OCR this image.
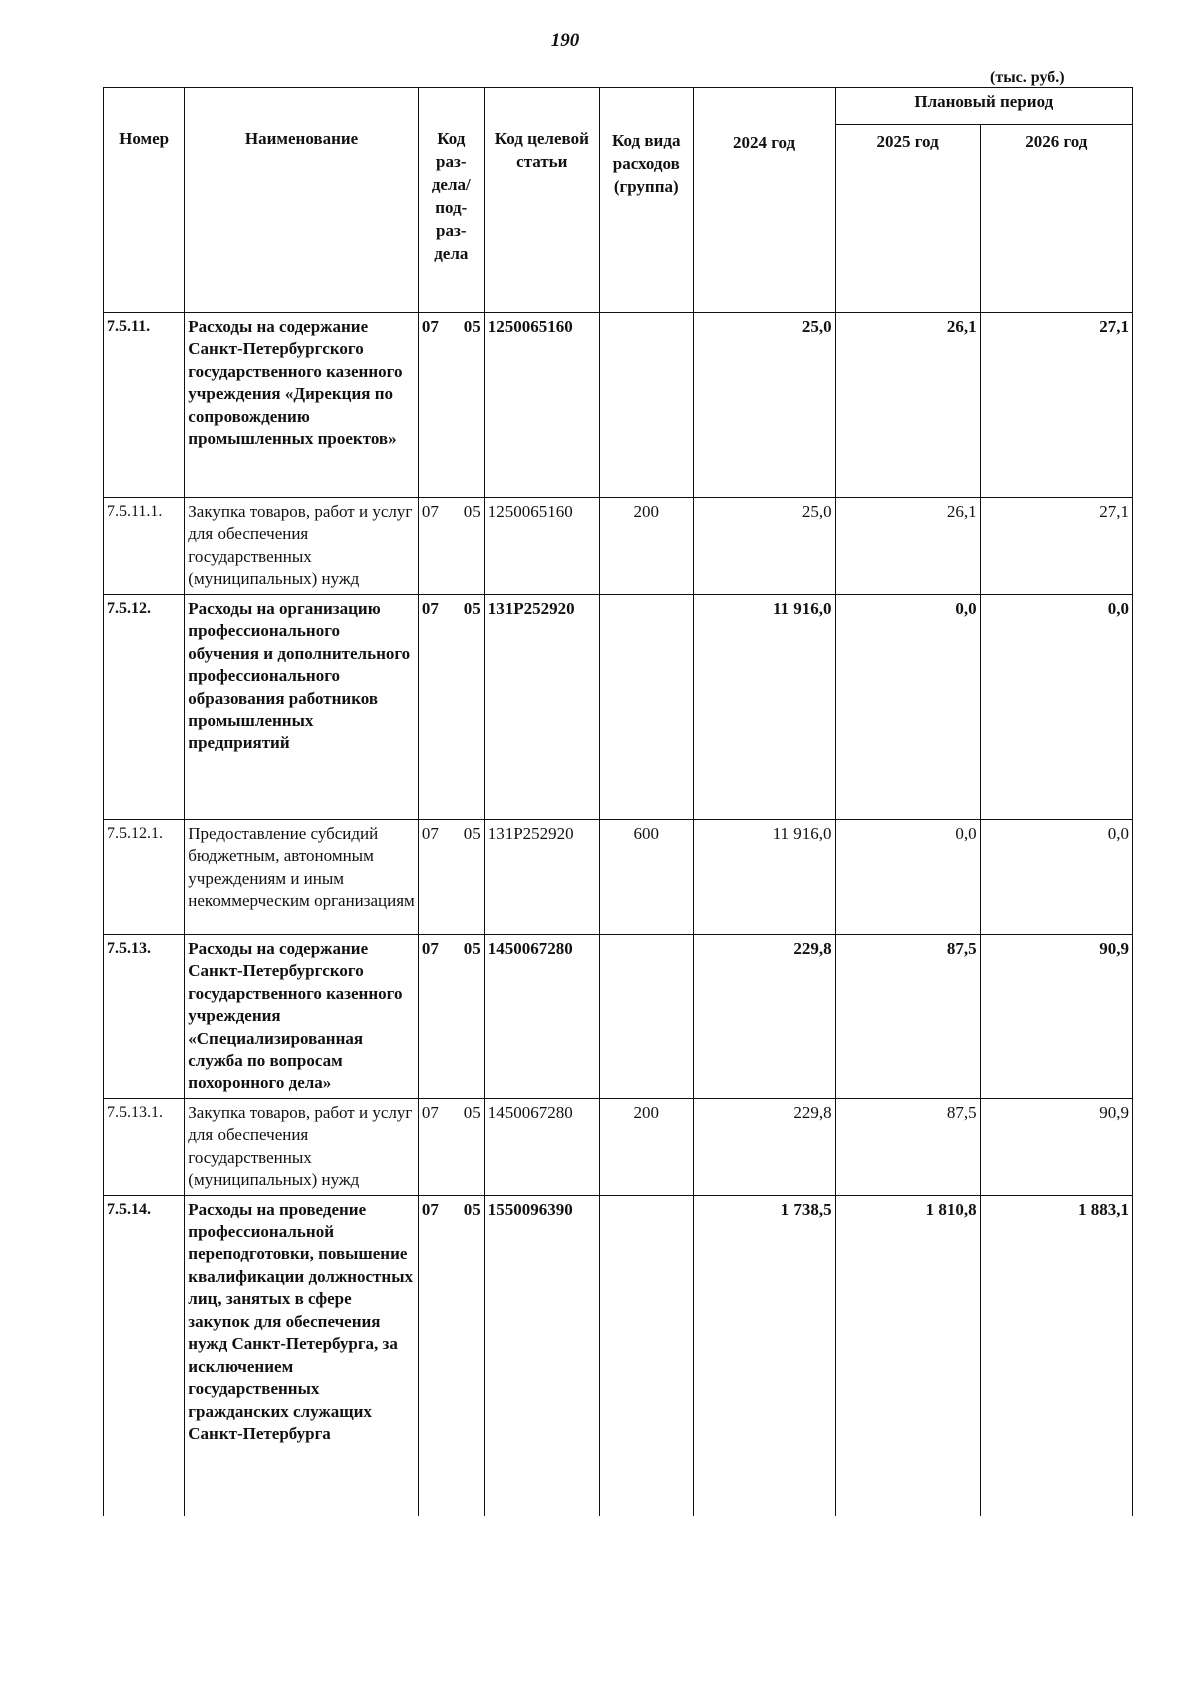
190
(тыс. руб.)
Номер	Наименование	Код раз-дела/под-раз-дела	Код целевой статьи	Код вида расходов (группа)	2024 год	Плановый период	
						2025 год	2026 год
7.5.11.	Расходы на содержание Санкт-Петербургского государственного казенного учреждения «Дирекция по сопровождению промышленных проектов»	07 05	1250065160		25,0	26,1	27,1
7.5.11.1.	Закупка товаров, работ и услуг для обеспечения государственных (муниципальных) нужд	07 05	1250065160	200	25,0	26,1	27,1
7.5.12.	Расходы на организацию профессионального обучения и дополнительного профессионального образования работников промышленных предприятий	07 05	131P252920		11 916,0	0,0	0,0
7.5.12.1.	Предоставление субсидий бюджетным, автономным учреждениям и иным некоммерческим организациям	07 05	131P252920	600	11 916,0	0,0	0,0
7.5.13.	Расходы на содержание Санкт-Петербургского государственного казенного учреждения «Специализированная служба по вопросам похоронного дела»	07 05	1450067280		229,8	87,5	90,9
7.5.13.1.	Закупка товаров, работ и услуг для обеспечения государственных (муниципальных) нужд	07 05	1450067280	200	229,8	87,5	90,9
7.5.14.	Расходы на проведение профессиональной переподготовки, повышение квалификации должностных лиц, занятых в сфере закупок для обеспечения нужд Санкт-Петербурга, за исключением государственных гражданских служащих Санкт-Петербурга	07 05	1550096390		1 738,5	1 810,8	1 883,1
